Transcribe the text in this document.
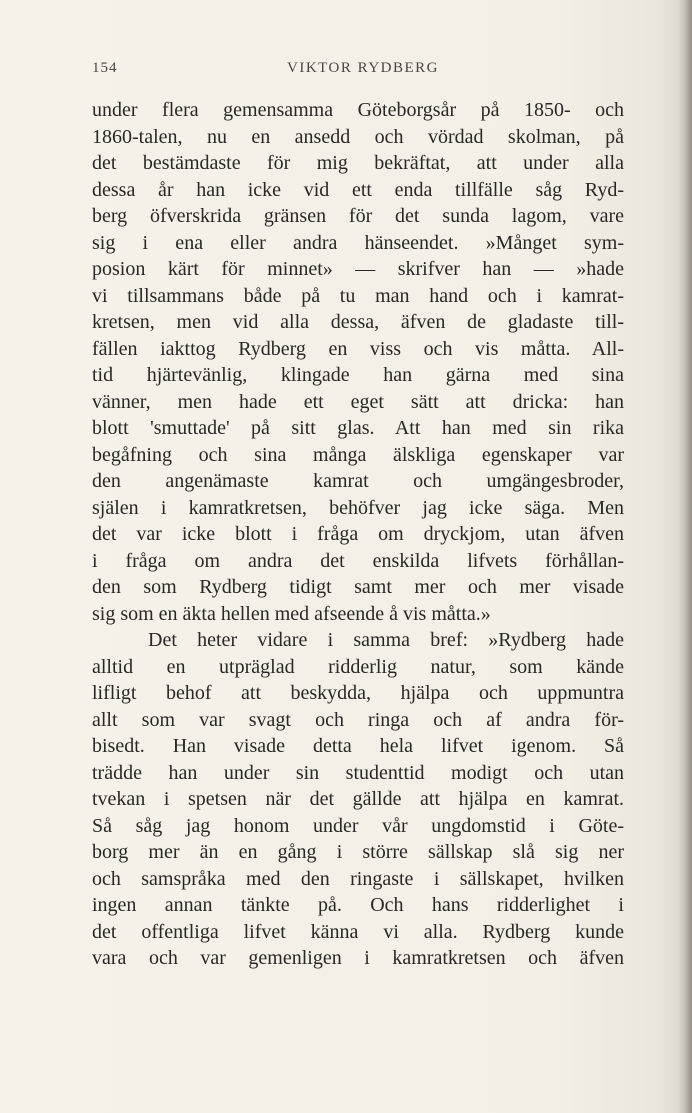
154	VIKTOR RYDBERG
under flera gemensamma Göteborgsår på 1850- och
1860-talen, nu en ansedd och vördad skolman, på
det bestämdaste för mig bekräftat, att under alla
dessa år han icke vid ett enda tillfälle såg Ryd-
berg öfverskrida gränsen för det sunda lagom, vare
sig i ena eller andra hänseendet. »Månget sym-
posion kärt för minnet» — skrifver han — »hade
vi tillsammans både på tu man hand och i kamrat-
kretsen, men vid alla dessa, äfven de gladaste till-
fällen iakttog Rydberg en viss och vis måtta. All-
tid hjärtevänlig, klingade han gärna med sina
vänner, men hade ett eget sätt att dricka: han
blott 'smuttade' på sitt glas. Att han med sin rika
begåfning och sina många älskliga egenskaper var
den angenämaste kamrat och umgängesbroder,
själen i kamratkretsen, behöfver jag icke säga. Men
det var icke blott i fråga om dryckjom, utan äfven
i fråga om andra det enskilda lifvets förhållan-
den som Rydberg tidigt samt mer och mer visade
sig som en äkta hellen med afseende å vis måtta.»
Det heter vidare i samma bref: »Rydberg hade
alltid en utpräglad ridderlig natur, som kände
lifligt behof att beskydda, hjälpa och uppmuntra
allt som var svagt och ringa och af andra för-
bisedt. Han visade detta hela lifvet igenom. Så
trädde han under sin studenttid modigt och utan
tvekan i spetsen när det gällde att hjälpa en kamrat.
Så såg jag honom under vår ungdomstid i Göte-
borg mer än en gång i större sällskap slå sig ner
och samspråka med den ringaste i sällskapet, hvilken
ingen annan tänkte på. Och hans ridderlighet i
det offentliga lifvet känna vi alla. Rydberg kunde
vara och var gemenligen i kamratkretsen och äfven
